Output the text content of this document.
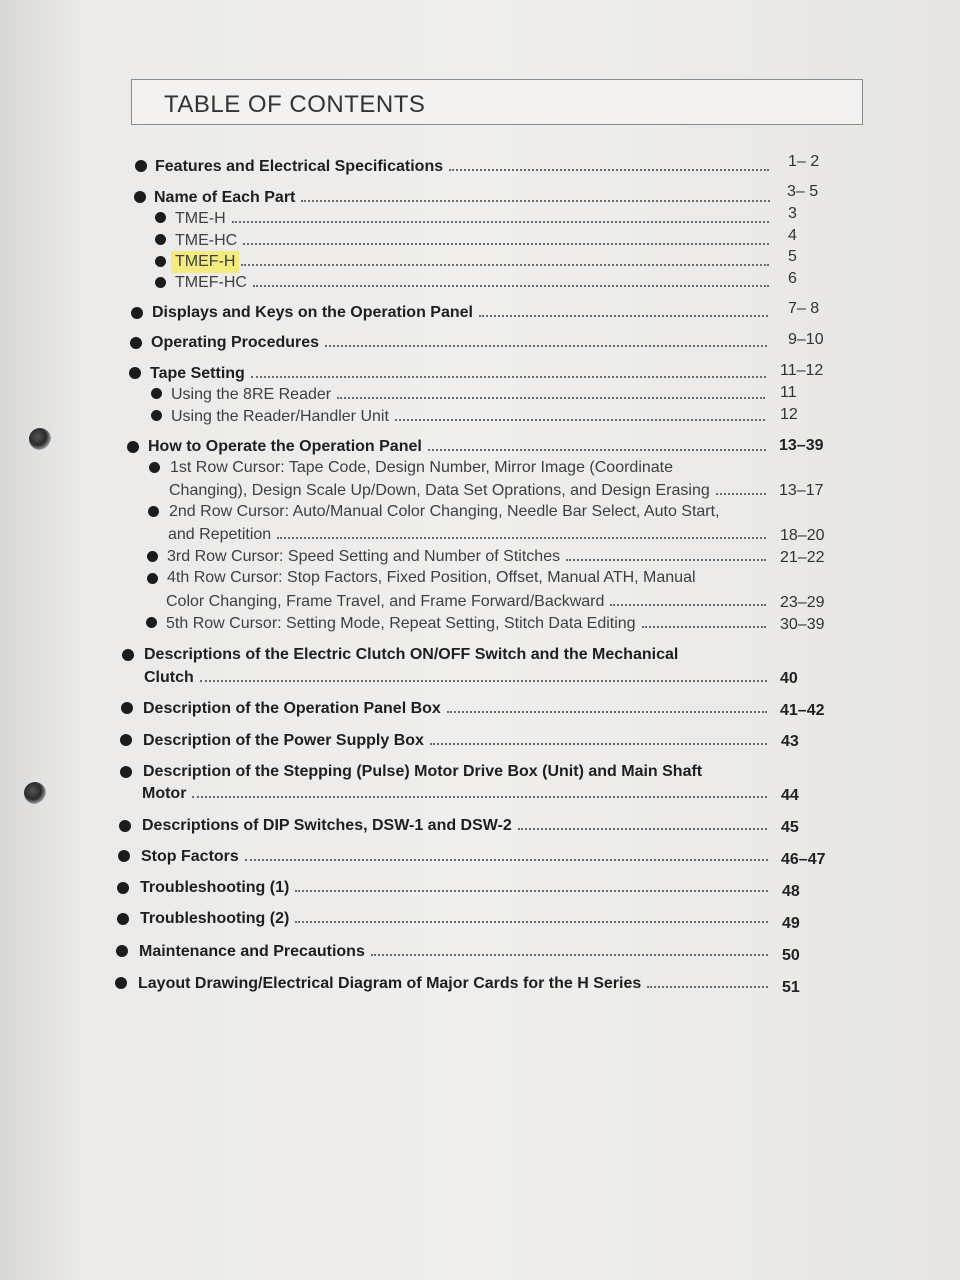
TABLE OF CONTENTS
Features and Electrical Specifications	1– 2
Name of Each Part	3– 5
TME-H	3
TME-HC	4
TMEF-H	5
TMEF-HC	6
Displays and Keys on the Operation Panel	7– 8
Operating Procedures	9–10
Tape Setting	11–12
Using the 8RE Reader	11
Using the Reader/Handler Unit	12
How to Operate the Operation Panel	13–39
1st Row Cursor: Tape Code, Design Number, Mirror Image (Coordinate
Changing), Design Scale Up/Down, Data Set Oprations, and Design Erasing	13–17
2nd Row Cursor: Auto/Manual Color Changing, Needle Bar Select, Auto Start,
and Repetition	18–20
3rd Row Cursor: Speed Setting and Number of Stitches	21–22
4th Row Cursor: Stop Factors, Fixed Position, Offset, Manual ATH, Manual
Color Changing, Frame Travel, and Frame Forward/Backward	23–29
5th Row Cursor: Setting Mode, Repeat Setting, Stitch Data Editing	30–39
Descriptions of the Electric Clutch ON/OFF Switch and the Mechanical
Clutch	40
Description of the Operation Panel Box	41–42
Description of the Power Supply Box	43
Description of the Stepping (Pulse) Motor Drive Box (Unit) and Main Shaft
Motor	44
Descriptions of DIP Switches, DSW-1 and DSW-2	45
Stop Factors	46–47
Troubleshooting (1)	48
Troubleshooting (2)	49
Maintenance and Precautions	50
Layout Drawing/Electrical Diagram of Major Cards for the H Series	51
